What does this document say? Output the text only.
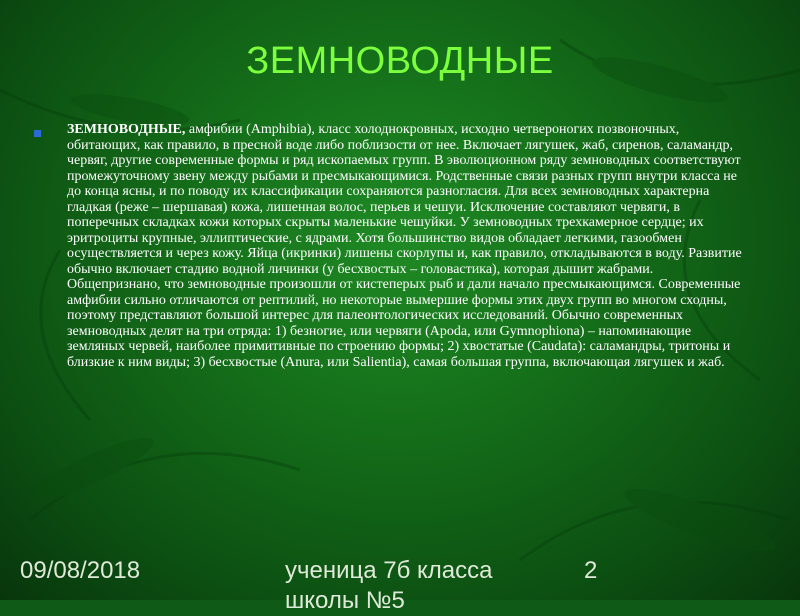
ЗЕМНОВОДНЫЕ

ЗЕМНОВОДНЫЕ, амфибии (Amphibia), класс холоднокровных, исходно четвероногих позвоночных, обитающих, как правило, в пресной воде либо поблизости от нее. Включает лягушек, жаб, сиренов, саламандр, червяг, другие современные формы и ряд ископаемых групп. В эволюционном ряду земноводных соответствуют промежуточному звену между рыбами и пресмыкающимися. Родственные связи разных групп внутри класса не до конца ясны, и по поводу их классификации сохраняются разногласия. Для всех земноводных характерна гладкая (реже – шершавая) кожа, лишенная волос, перьев и чешуи. Исключение составляют червяги, в поперечных складках кожи которых скрыты маленькие чешуйки. У земноводных трехкамерное сердце; их эритроциты крупные, эллиптические, с ядрами. Хотя большинство видов обладает легкими, газообмен осуществляется и через кожу. Яйца (икринки) лишены скорлупы и, как правило, откладываются в воду. Развитие обычно включает стадию водной личинки (у бесхвостых – головастика), которая дышит жабрами. Общепризнано, что земноводные произошли от кистеперых рыб и дали начало пресмыкающимся. Современные амфибии сильно отличаются от рептилий, но некоторые вымершие формы этих двух групп во многом сходны, поэтому представляют большой интерес для палеонтологических исследований. Обычно современных земноводных делят на три отряда: 1) безногие, или червяги (Apoda, или Gymnophiona) – напоминающие земляных червей, наиболее примитивные по строению формы; 2) хвостатые (Caudata): саламандры, тритоны и близкие к ним виды; 3) бесхвостые (Anura, или Salientia), самая большая группа, включающая лягушек и жаб.

09/08/2018	ученица 7б класса школы №5
2
